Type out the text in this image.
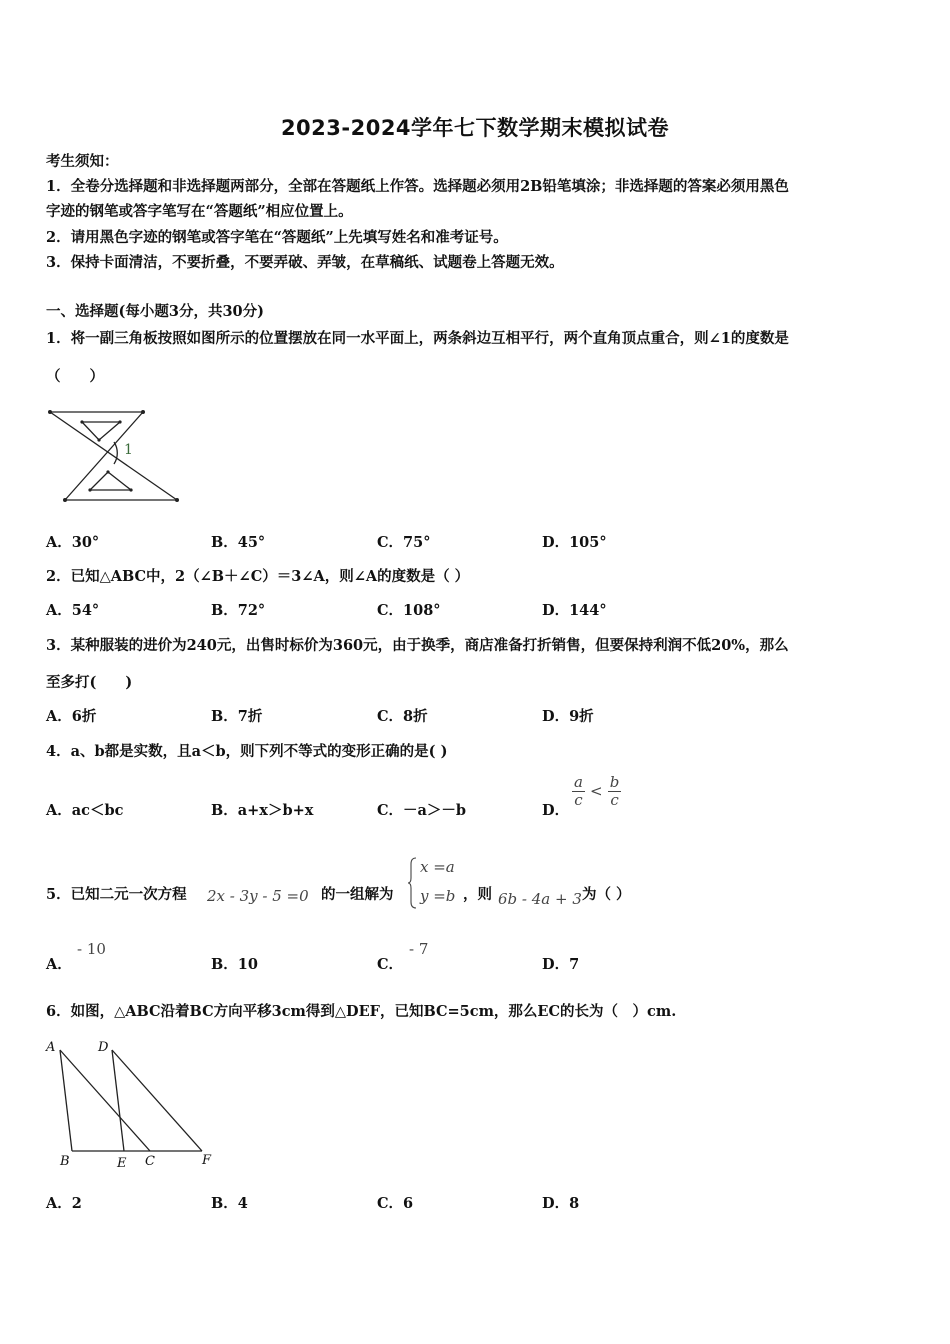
2023-2024学年七下数学期末模拟试卷
考生须知：
1．全卷分选择题和非选择题两部分，全部在答题纸上作答。选择题必须用2B铅笔填涂；非选择题的答案必须用黑色
字迹的钢笔或答字笔写在“答题纸”相应位置上。
2．请用黑色字迹的钢笔或答字笔在“答题纸”上先填写姓名和准考证号。
3．保持卡面清洁，不要折叠，不要弄破、弄皱，在草稿纸、试题卷上答题无效。
一、选择题(每小题3分，共30分)
1．将一副三角板按照如图所示的位置摆放在同一水平面上，两条斜边互相平行，两个直角顶点重合，则∠1的度数是
（　　）
1
A．30°	B．45°	C．75°	D．105°
2．已知△ABC中，2（∠B＋∠C）＝3∠A，则∠A的度数是（ ）
A．54°	B．72°	C．108°	D．144°
3．某种服装的进价为240元，出售时标价为360元，由于换季，商店准备打折销售，但要保持利润不低20%，那么
至多打(　　)
A．6折	B．7折	C．8折	D．9折
4．a、b都是实数，且a＜b，则下列不等式的变形正确的是( )
A．ac＜bc	B．a+x＞b+x	C．－a＞－b	D．
$\frac{a}{c} < \frac{b}{c}$
5．已知二元一次方程 2x - 3y - 5 =0 的一组解为
x =a
y =b ，则 6b - 4a + 3 为（ ）
A．
- 10
B．10	C．
- 7
D．7
6．如图，△ABC沿着BC方向平移3cm得到△DEF，已知BC=5cm，那么EC的长为（　）cm.
A	D
B	E C	F
A．2	B．4	C．6	D．8
